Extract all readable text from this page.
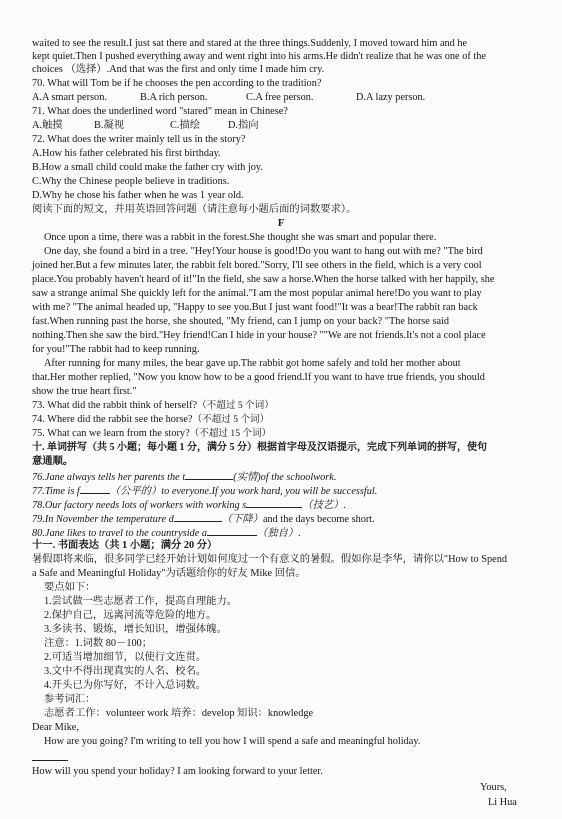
waited to see the result.I just sat there and stared at the three things.Suddenly, I moved toward him and he
kept quiet.Then I pushed everything away and went right into his arms.He didn't realize that he was one of the
choices （选择）.And that was the first and only time I made him cry.
70. What will Tom be if he chooses the pen according to the tradition?
A.A smart person.	B.A rich person.	C.A free person.	D.A lazy person.
71. What does the underlined word "stared" mean in Chinese?
A.触摸	B.凝视	C.描绘	D.指向
72. What does the writer mainly tell us in the story?
A.How his father celebrated his first birthday.
B.How a small child could make the father cry with joy.
C.Why the Chinese people believe in traditions.
D.Why he chose his father when he was 1 year old.
阅读下面的短文，并用英语回答问题（请注意每小题后面的词数要求）。
F
Once upon a time, there was a rabbit in the forest.She thought she was smart and popular there.
One day, she found a bird in a tree. "Hey!Your house is good!Do you want to hang out with me? "The bird
joined her.But a few minutes later, the rabbit felt bored."Sorry, I'll see others in the field, which is a very cool
place.You probably haven't heard of it!"In the field, she saw a horse.When the horse talked with her happily, she
saw a strange animal She quickly left for the animal."I am the most popular animal here!Do you want to play
with me? "The animal headed up, "Happy to see you.But I just want food!"It was a bear!The rabbit ran back
fast.When running past the horse, she shouted, "My friend, can I jump on your back? "The horse said
nothing.Then she saw the bird."Hey friend!Can I hide in your house? ""We are not friends.It's not a cool place
for you!"The rabbit had to keep running.
After running for many miles, the bear gave up.The rabbit got home safely and told her mother about
that.Her mother replied, "Now you know how to be a good friend.If you want to have true friends, you should
show the true heart first."
73. What did the rabbit think of herself?（不超过 5 个词）
74. Where did the rabbit see the horse?（不超过 5 个词）
75. What can we learn from the story?（不超过 15 个词）
十. 单词拼写（共 5 小题；每小题 1 分，满分 5 分）根据首字母及汉语提示，完成下列单词的拼写，使句
意通顺。
76.Jane always tells her parents the t	(实情)of the schoolwork.
77.Time is f	（公平的）to everyone.If you work hard, you will be successful.
78.Our factory needs lots of workers with working s	（技艺）.
79.In November the temperature d	（下降）and the days become short.
80.Jane likes to travel to the countryside a	（独自）.
十一. 书面表达（共 1 小题；满分 20 分）
暑假即将来临，很多同学已经开始计划如何度过一个有意义的暑假。假如你是李华，请你以"How to Spend
a Safe and Meaningful Holiday"为话题给你的好友 Mike 回信。
要点如下：
1.尝试做一些志愿者工作，提高自理能力。
2.保护自己，远离河流等危险的地方。
3.多读书、锻炼，增长知识，增强体魄。
注意：1.词数 80－100；
2.可适当增加细节，以使行文连贯。
3.文中不得出现真实的人名、校名。
4.开头已为你写好，不计入总词数。
参考词汇：
志愿者工作：volunteer work 培养：develop 知识：knowledge
Dear Mike,
How are you going? I'm writing to tell you how I will spend a safe and meaningful holiday.
How will you spend your holiday? I am looking forward to your letter.
Yours,
Li Hua
